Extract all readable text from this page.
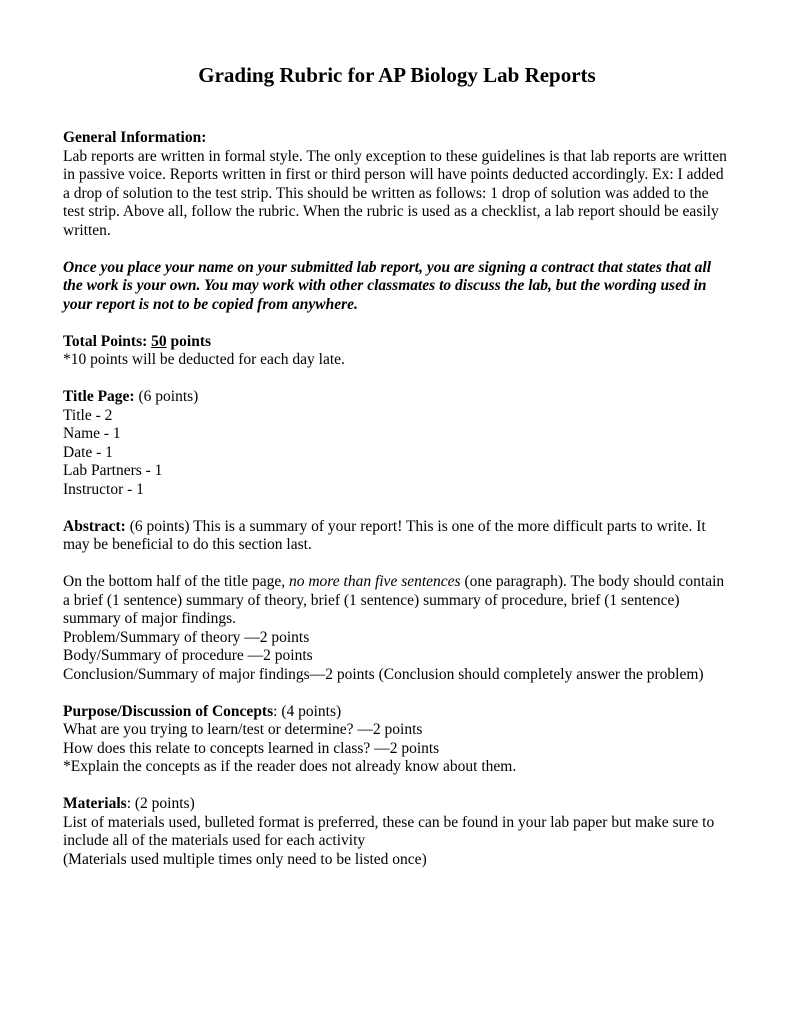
Grading Rubric for AP Biology Lab Reports

General Information:

Lab reports are written in formal style. The only exception to these guidelines is that lab reports are written in passive voice. Reports written in first or third person will have points deducted accordingly. Ex: I added a drop of solution to the test strip. This should be written as follows: 1 drop of solution was added to the test strip. Above all, follow the rubric. When the rubric is used as a checklist, a lab report should be easily written.

Once you place your name on your submitted lab report, you are signing a contract that states that all the work is your own. You may work with other classmates to discuss the lab, but the wording used in your report is not to be copied from anywhere.

Total Points: 50 points

*10 points will be deducted for each day late.

Title Page: (6 points)

Title - 2

Name - 1

Date - 1

Lab Partners - 1

Instructor - 1

Abstract: (6 points) This is a summary of your report! This is one of the more difficult parts to write. It may be beneficial to do this section last.

On the bottom half of the title page, no more than five sentences (one paragraph). The body should contain a brief (1 sentence) summary of theory, brief (1 sentence) summary of procedure, brief (1 sentence) summary of major findings.

Problem/Summary of theory —2 points

Body/Summary of procedure —2 points

Conclusion/Summary of major findings—2 points (Conclusion should completely answer the problem)

Purpose/Discussion of Concepts: (4 points)

What are you trying to learn/test or determine? —2 points

How does this relate to concepts learned in class? —2 points

*Explain the concepts as if the reader does not already know about them.

Materials: (2 points)

List of materials used, bulleted format is preferred, these can be found in your lab paper but make sure to include all of the materials used for each activity

(Materials used multiple times only need to be listed once)
